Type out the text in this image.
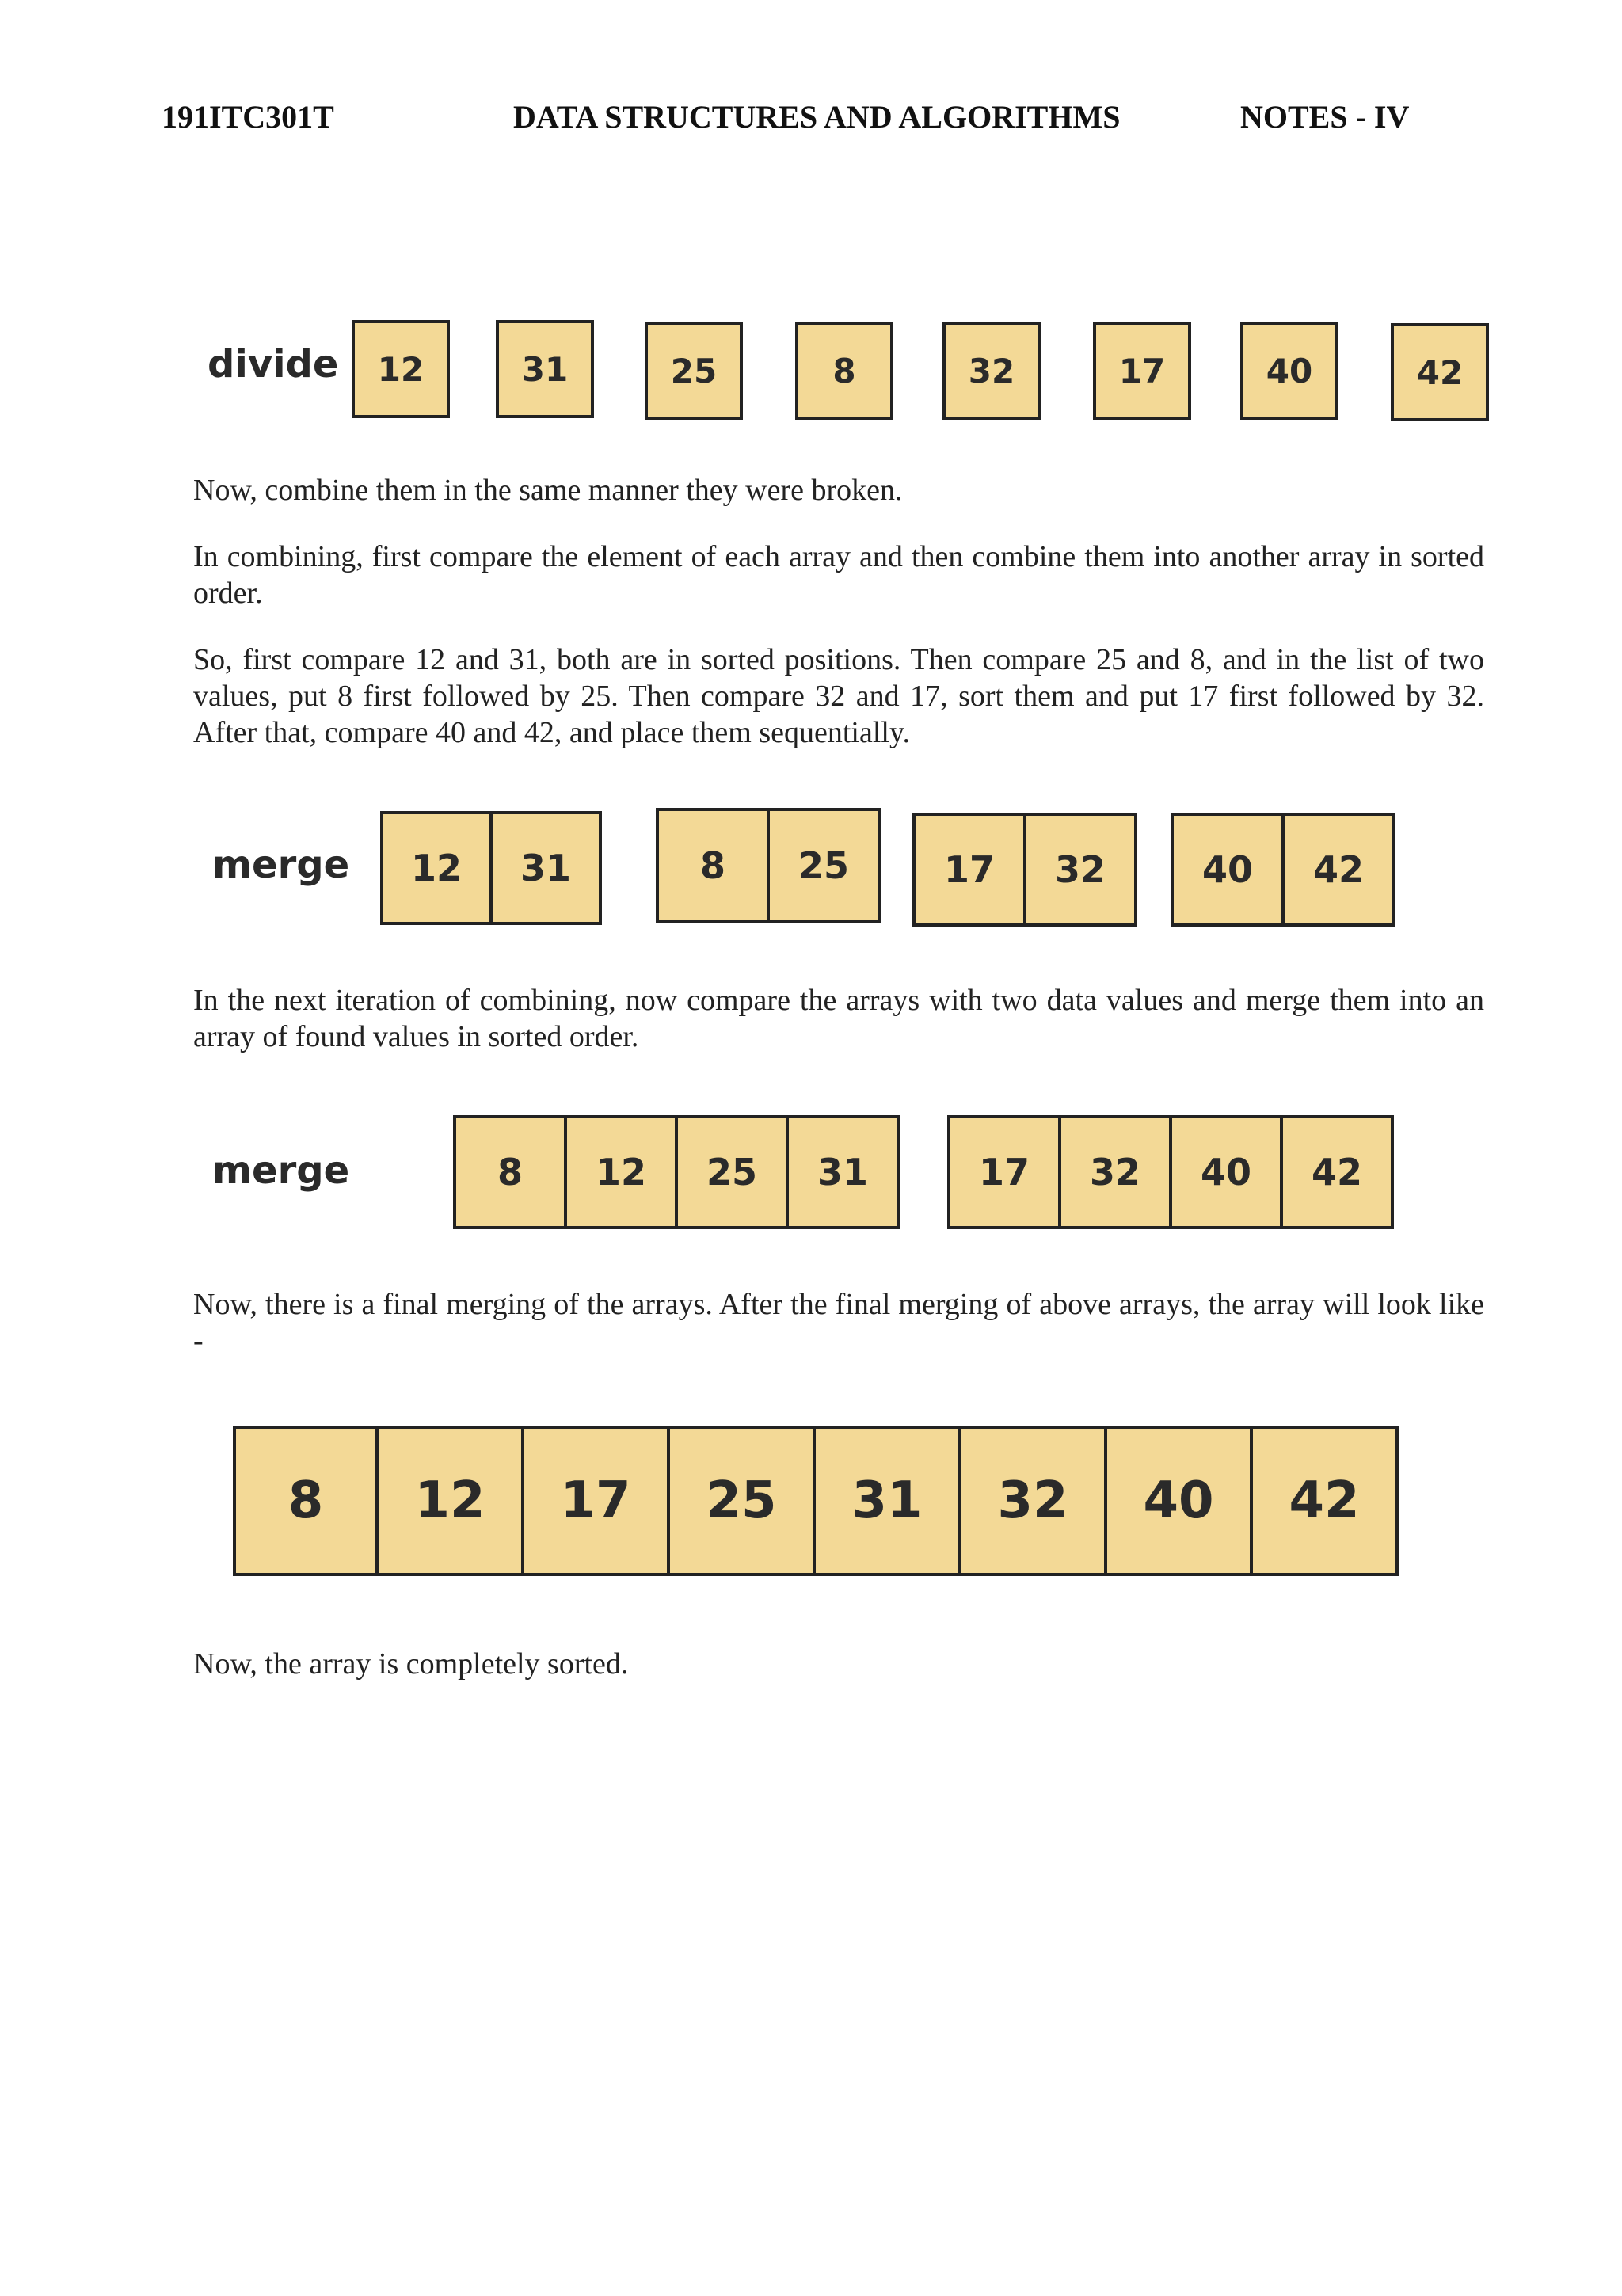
191ITC301T	DATA STRUCTURES AND ALGORITHMS	NOTES - IV
divide	12	31	25	8	32	17	40	42

Now, combine them in the same manner they were broken.

In combining, first compare the element of each array and then combine them into another array in sorted order.

So, first compare 12 and 31, both are in sorted positions. Then compare 25 and 8, and in the list of two values, put 8 first followed by 25. Then compare 32 and 17, sort them and put 17 first followed by 32. After that, compare 40 and 42, and place them sequentially.

merge	12	31	8	25	17	32	40	42

In the next iteration of combining, now compare the arrays with two data values and merge them into an array of found values in sorted order.

merge	8	12	25	31	17	32	40	42

Now, there is a final merging of the arrays. After the final merging of above arrays, the array will look like -

8	12	17	25	31	32	40	42

Now, the array is completely sorted.
